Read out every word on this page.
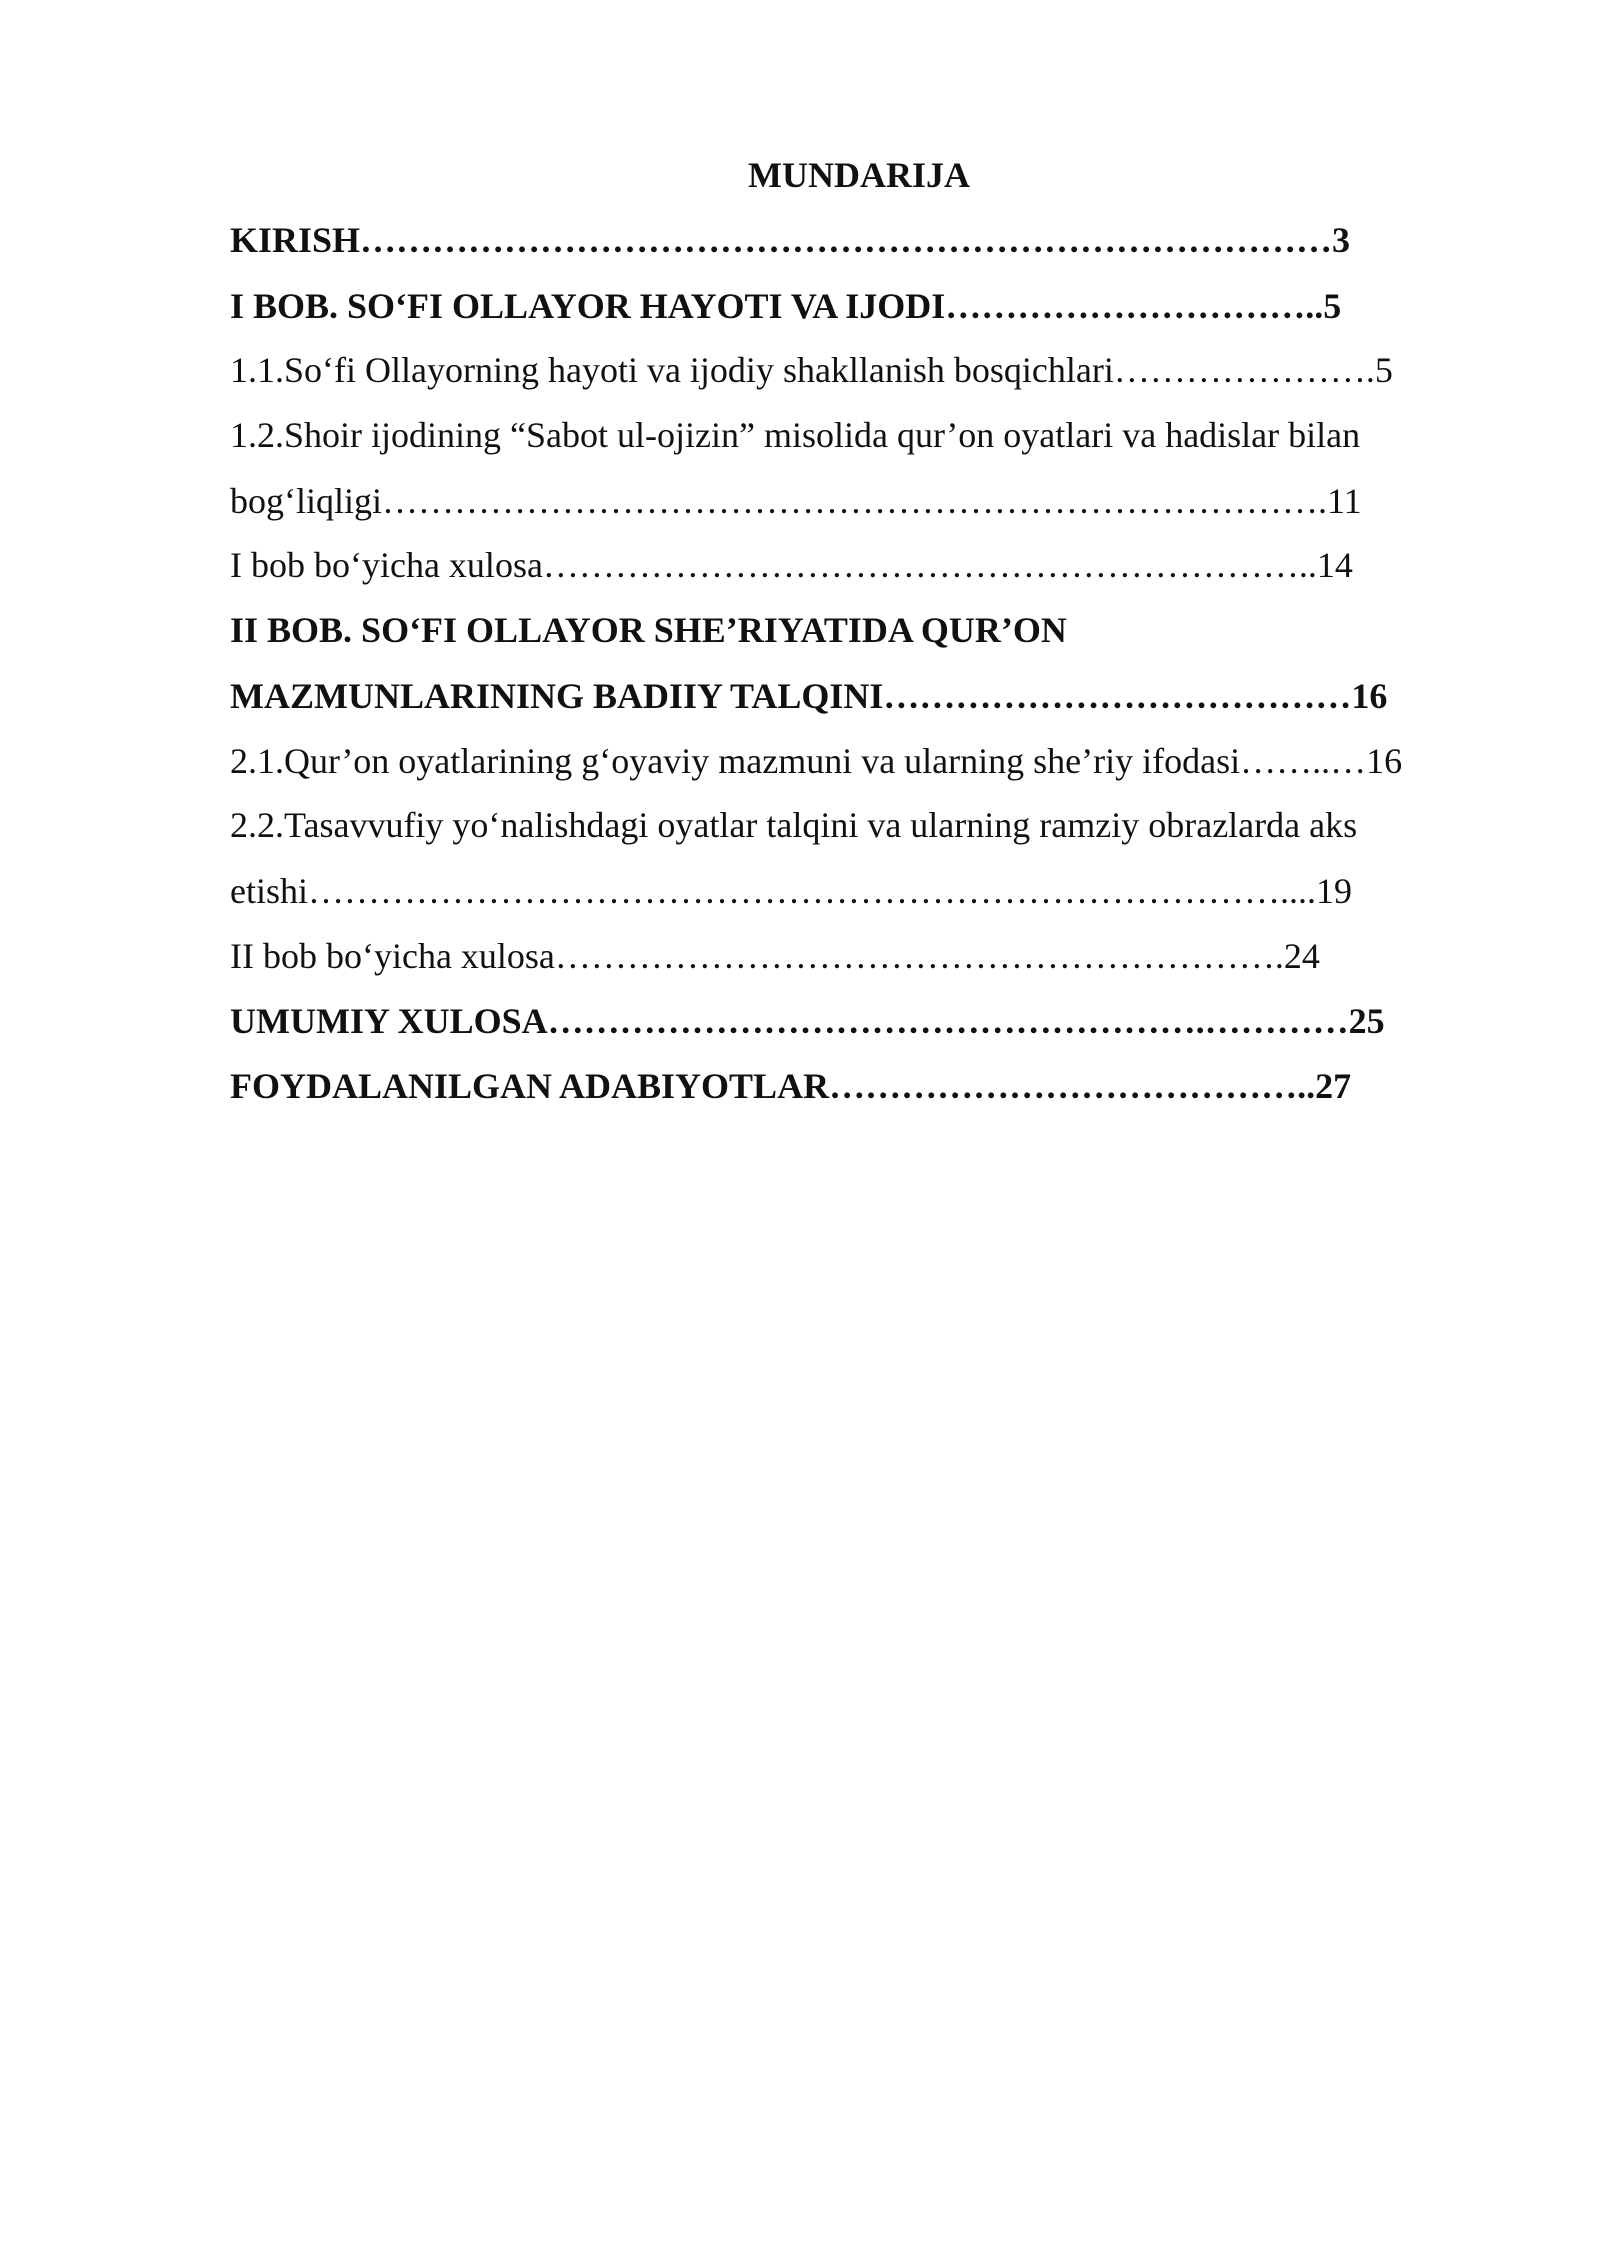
MUNDARIJA
KIRISH………………………………………………………………………3
I BOB. SO‘FI OLLAYOR HAYOTI VA IJODI…………………………..5
1.1.So‘fi Ollayorning hayoti va ijodiy shakllanish bosqichlari………………….5
1.2.Shoir ijodining “Sabot ul-ojizin” misolida qur’on oyatlari va hadislar bilan
bog‘liqligi…………………………………………………………………….11
I bob bo‘yicha xulosa………………………………………………………..14
II BOB. SO‘FI OLLAYOR SHE’RIYATIDA QUR’ON
MAZMUNLARINING BADIIY TALQINI…………………………………16
2.1.Qur’on oyatlarining g‘oyaviy mazmuni va ularning she’riy ifodasi……..…16
2.2.Tasavvufiy yo‘nalishdagi oyatlar talqini va ularning ramziy obrazlarda aks
etishi………………………………………………………………………....19
II bob bo‘yicha xulosa…………………………………………………….24
UMUMIY XULOSA……………………………………………….…………25
FOYDALANILGAN ADABIYOTLAR…………………………………..27
